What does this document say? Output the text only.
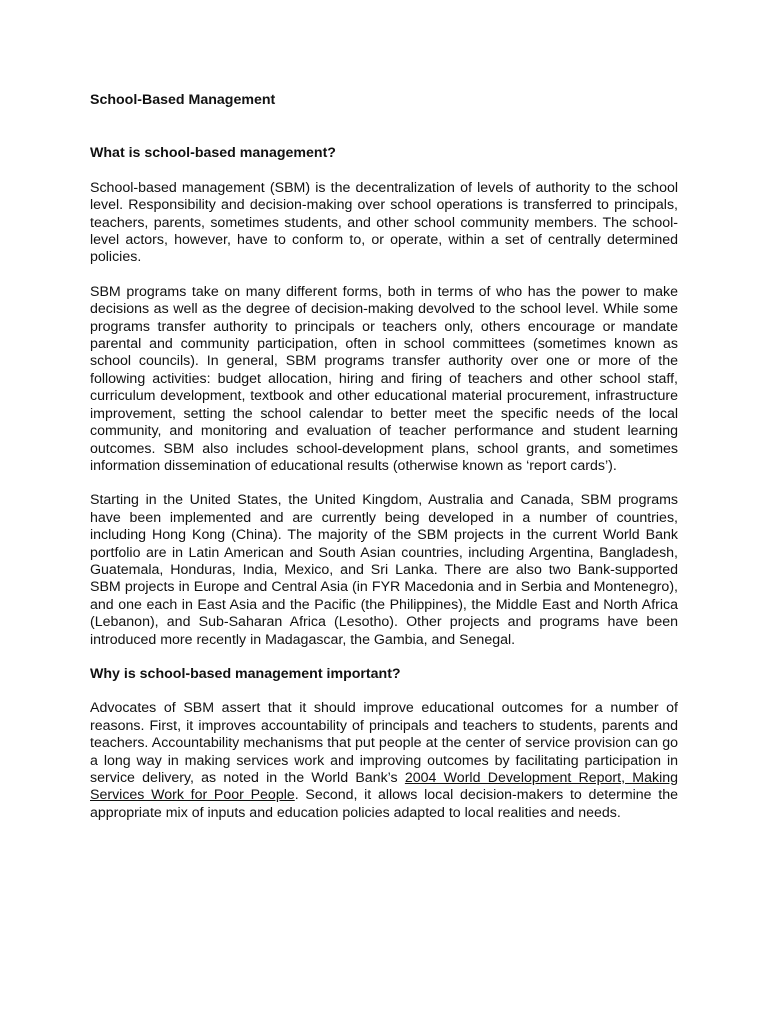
School-Based Management

What is school-based management?

School-based management (SBM) is the decentralization of levels of authority to the school level. Responsibility and decision-making over school operations is transferred to principals, teachers, parents, sometimes students, and other school community members. The school-level actors, however, have to conform to, or operate, within a set of centrally determined policies.

SBM programs take on many different forms, both in terms of who has the power to make decisions as well as the degree of decision-making devolved to the school level. While some programs transfer authority to principals or teachers only, others encourage or mandate parental and community participation, often in school committees (sometimes known as school councils). In general, SBM programs transfer authority over one or more of the following activities: budget allocation, hiring and firing of teachers and other school staff, curriculum development, textbook and other educational material procurement, infrastructure improvement, setting the school calendar to better meet the specific needs of the local community, and monitoring and evaluation of teacher performance and student learning outcomes. SBM also includes school-development plans, school grants, and sometimes information dissemination of educational results (otherwise known as ‘report cards’).

Starting in the United States, the United Kingdom, Australia and Canada, SBM programs have been implemented and are currently being developed in a number of countries, including Hong Kong (China). The majority of the SBM projects in the current World Bank portfolio are in Latin American and South Asian countries, including Argentina, Bangladesh, Guatemala, Honduras, India, Mexico, and Sri Lanka. There are also two Bank-supported SBM projects in Europe and Central Asia (in FYR Macedonia and in Serbia and Montenegro), and one each in East Asia and the Pacific (the Philippines), the Middle East and North Africa (Lebanon), and Sub-Saharan Africa (Lesotho). Other projects and programs have been introduced more recently in Madagascar, the Gambia, and Senegal.

Why is school-based management important?

Advocates of SBM assert that it should improve educational outcomes for a number of reasons. First, it improves accountability of principals and teachers to students, parents and teachers. Accountability mechanisms that put people at the center of service provision can go a long way in making services work and improving outcomes by facilitating participation in service delivery, as noted in the World Bank’s 2004 World Development Report, Making Services Work for Poor People. Second, it allows local decision-makers to determine the appropriate mix of inputs and education policies adapted to local realities and needs.
